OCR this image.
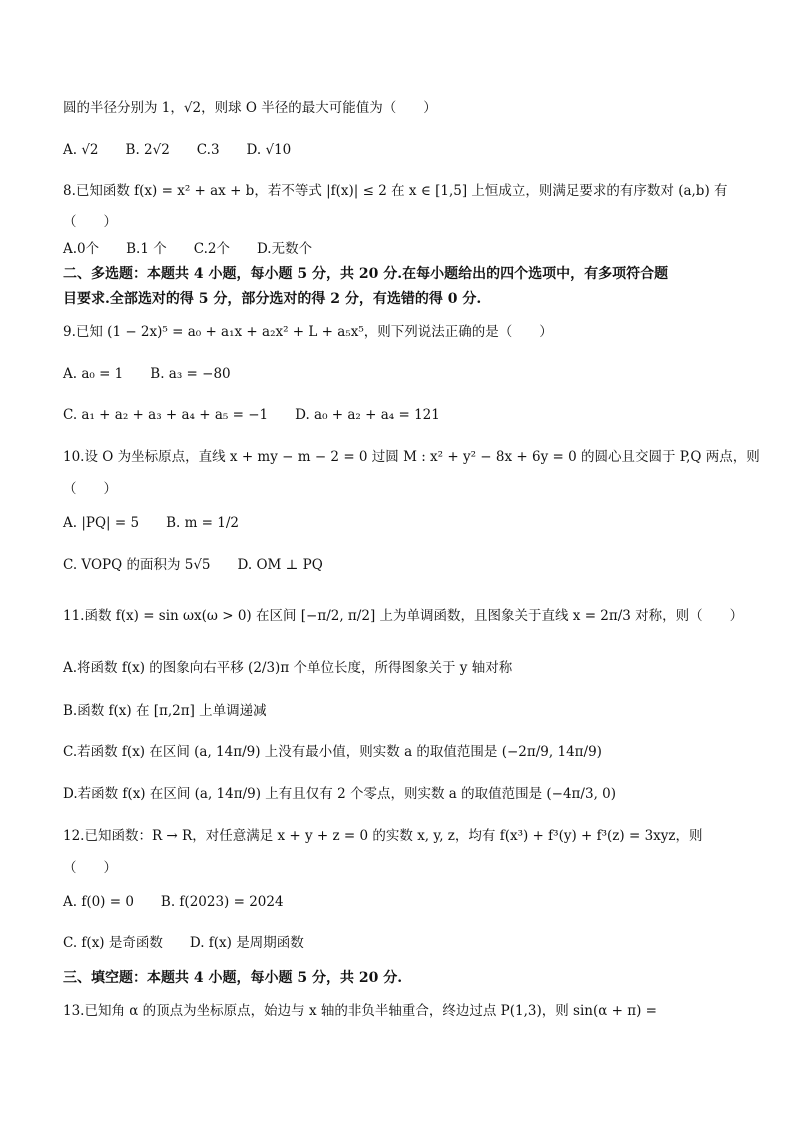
圆的半径分别为 1，√2，则球 O 半径的最大可能值为（　　）
A. √2　　B. 2√2　　C.3　　D. √10
8.已知函数 f(x) = x² + ax + b，若不等式 |f(x)| ≤ 2 在 x ∈ [1,5] 上恒成立，则满足要求的有序数对 (a,b) 有
（　　）
A.0个　　B.1 个　　C.2个　　D.无数个
二、多选题：本题共 4 小题，每小题 5 分，共 20 分.在每小题给出的四个选项中，有多项符合题
目要求.全部选对的得 5 分，部分选对的得 2 分，有选错的得 0 分.
9.已知 (1 − 2x)⁵ = a₀ + a₁x + a₂x² + L + a₅x⁵，则下列说法正确的是（　　）
A. a₀ = 1　　B. a₃ = −80
C. a₁ + a₂ + a₃ + a₄ + a₅ = −1　　D. a₀ + a₂ + a₄ = 121
10.设 O 为坐标原点，直线 x + my − m − 2 = 0 过圆 M : x² + y² − 8x + 6y = 0 的圆心且交圆于 P,Q 两点，则
（　　）
A. |PQ| = 5　　B. m = 1/2
C. VOPQ 的面积为 5√5　　D. OM ⊥ PQ
11.函数 f(x) = sin ωx(ω > 0) 在区间 [−π/2, π/2] 上为单调函数，且图象关于直线 x = 2π/3 对称，则（　　）
A.将函数 f(x) 的图象向右平移 (2/3)π 个单位长度，所得图象关于 y 轴对称
B.函数 f(x) 在 [π,2π] 上单调递减
C.若函数 f(x) 在区间 (a, 14π/9) 上没有最小值，则实数 a 的取值范围是 (−2π/9, 14π/9)
D.若函数 f(x) 在区间 (a, 14π/9) 上有且仅有 2 个零点，则实数 a 的取值范围是 (−4π/3, 0)
12.已知函数：R → R，对任意满足 x + y + z = 0 的实数 x, y, z，均有 f(x³) + f³(y) + f³(z) = 3xyz，则
（　　）
A. f(0) = 0　　B. f(2023) = 2024
C. f(x) 是奇函数　　D. f(x) 是周期函数
三、填空题：本题共 4 小题，每小题 5 分，共 20 分.
13.已知角 α 的顶点为坐标原点，始边与 x 轴的非负半轴重合，终边过点 P(1,3)，则 sin(α + π) =
